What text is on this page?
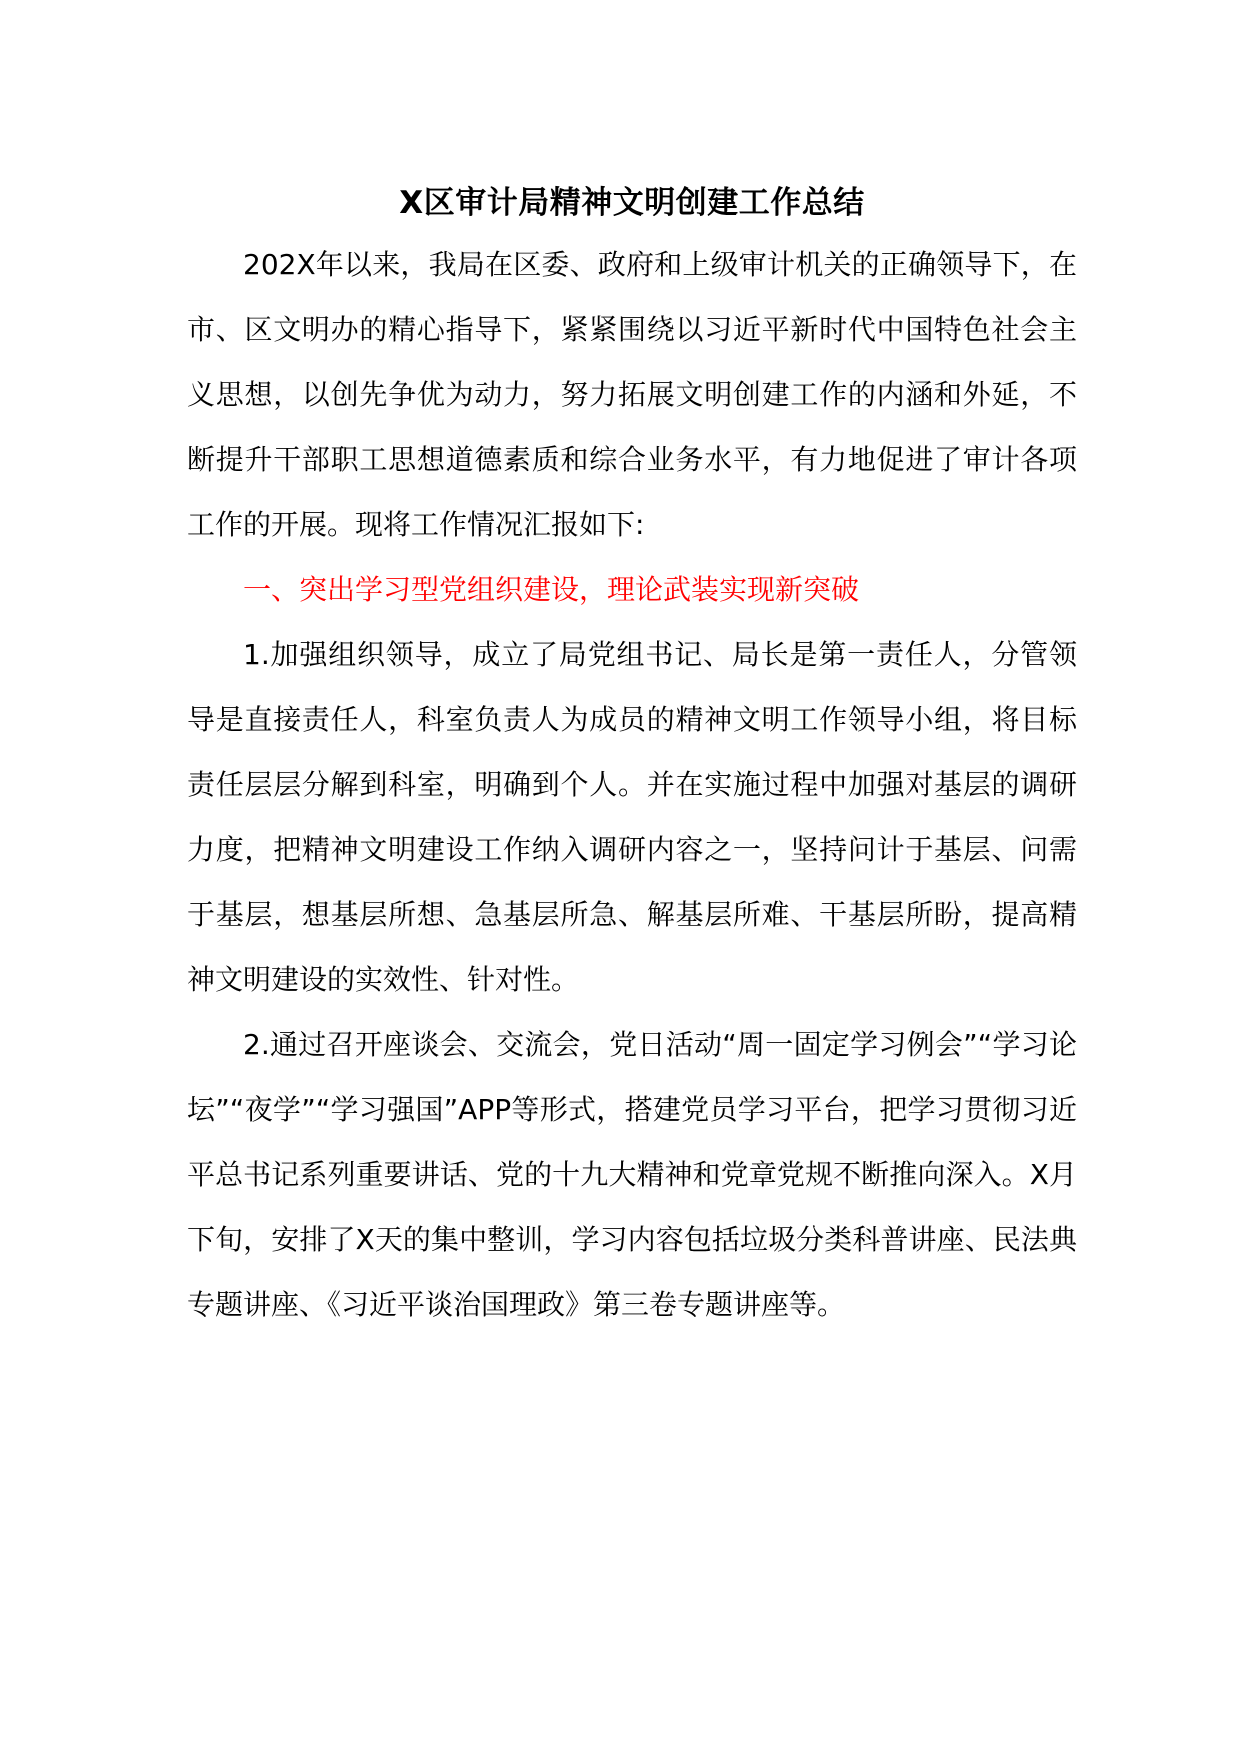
X区审计局精神文明创建工作总结

202X年以来，我局在区委、政府和上级审计机关的正确领导下，在市、区文明办的精心指导下，紧紧围绕以习近平新时代中国特色社会主义思想，以创先争优为动力，努力拓展文明创建工作的内涵和外延，不断提升干部职工思想道德素质和综合业务水平，有力地促进了审计各项工作的开展。现将工作情况汇报如下:

一、突出学习型党组织建设，理论武装实现新突破

1.加强组织领导，成立了局党组书记、局长是第一责任人，分管领导是直接责任人，科室负责人为成员的精神文明工作领导小组，将目标责任层层分解到科室，明确到个人。并在实施过程中加强对基层的调研力度，把精神文明建设工作纳入调研内容之一，坚持问计于基层、问需于基层，想基层所想、急基层所急、解基层所难、干基层所盼，提高精神文明建设的实效性、针对性。

2.通过召开座谈会、交流会，党日活动“周一固定学习例会”“学习论坛”“夜学”“学习强国”APP等形式，搭建党员学习平台，把学习贯彻习近平总书记系列重要讲话、党的十九大精神和党章党规不断推向深入。X月下旬，安排了X天的集中整训，学习内容包括垃圾分类科普讲座、民法典专题讲座、《习近平谈治国理政》第三卷专题讲座等。
